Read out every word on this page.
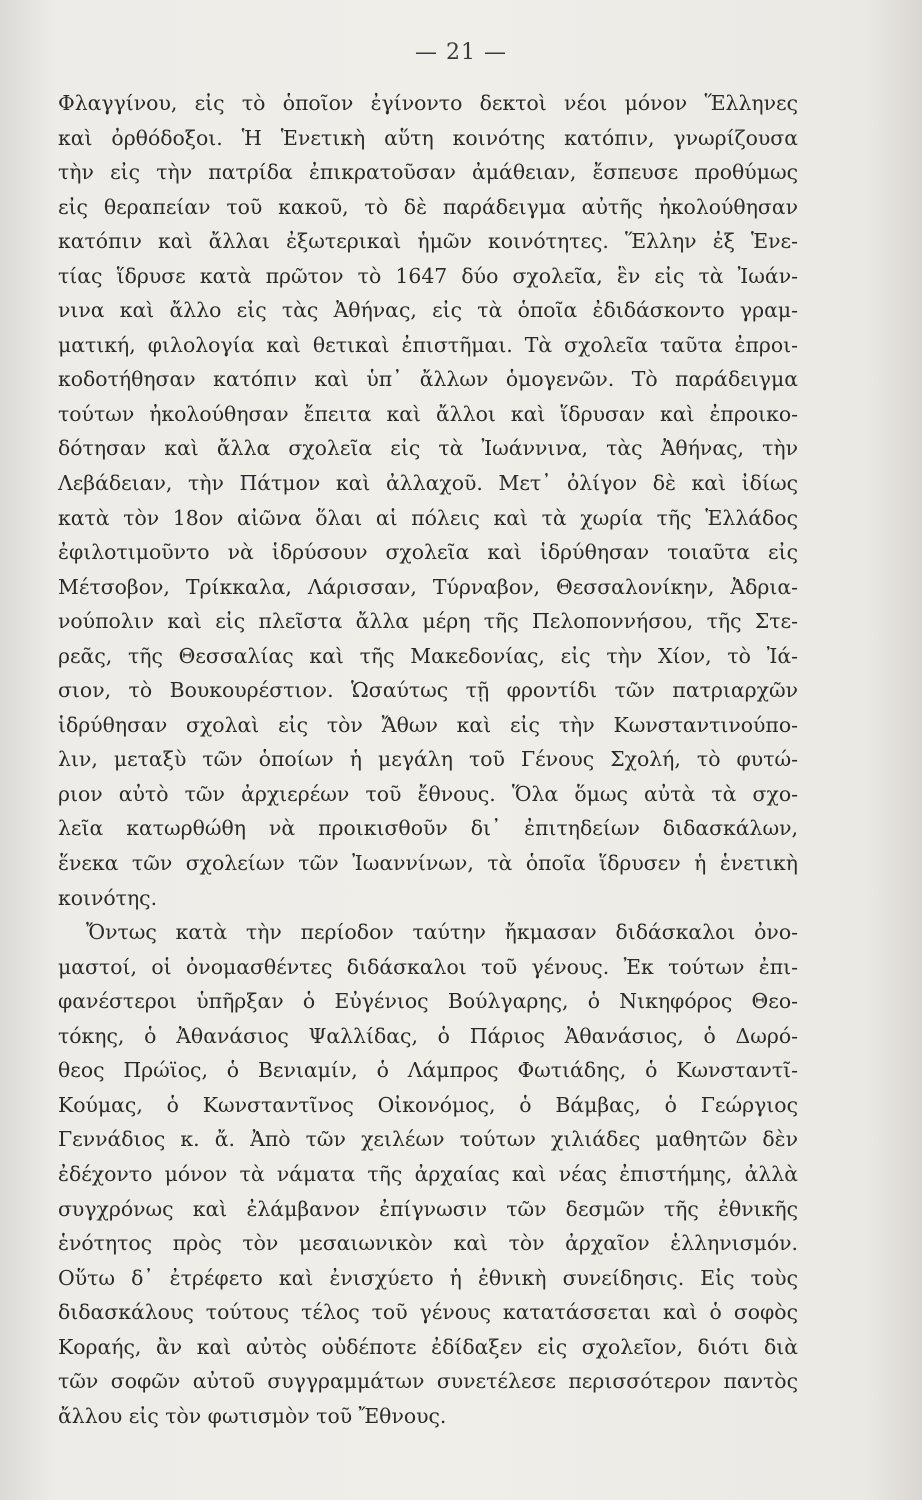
— 21 —
Φλαγγίνου, εἰς τὸ ὁποῖον ἐγίνοντο δεκτοὶ νέοι μόνον Ἕλληνες
καὶ ὀρθόδοξοι. Ἡ Ἑνετικὴ αὕτη κοινότης κατόπιν, γνωρίζουσα
τὴν εἰς τὴν πατρίδα ἐπικρατοῦσαν ἀμάθειαν, ἔσπευσε προθύμως
εἰς θεραπείαν τοῦ κακοῦ, τὸ δὲ παράδειγμα αὐτῆς ἠκολούθησαν
κατόπιν καὶ ἄλλαι ἐξωτερικαὶ ἡμῶν κοινότητες. Ἕλλην ἐξ Ἑνε-
τίας ἵδρυσε κατὰ πρῶτον τὸ 1647 δύο σχολεῖα, ἓν εἰς τὰ Ἰωάν-
νινα καὶ ἄλλο εἰς τὰς Ἀθήνας, εἰς τὰ ὁποῖα ἐδιδάσκοντο γραμ-
ματική, φιλολογία καὶ θετικαὶ ἐπιστῆμαι. Τὰ σχολεῖα ταῦτα ἐπροι-
κοδοτήθησαν κατόπιν καὶ ὑπ᾽ ἄλλων ὁμογενῶν. Τὸ παράδειγμα
τούτων ἠκολούθησαν ἔπειτα καὶ ἄλλοι καὶ ἵδρυσαν καὶ ἐπροικο-
δότησαν καὶ ἄλλα σχολεῖα εἰς τὰ Ἰωάννινα, τὰς Ἀθήνας, τὴν
Λεβάδειαν, τὴν Πάτμον καὶ ἀλλαχοῦ. Μετ᾽ ὀλίγον δὲ καὶ ἰδίως
κατὰ τὸν 18ον αἰῶνα ὅλαι αἱ πόλεις καὶ τὰ χωρία τῆς Ἑλλάδος
ἐφιλοτιμοῦντο νὰ ἱδρύσουν σχολεῖα καὶ ἱδρύθησαν τοιαῦτα εἰς
Μέτσοβον, Τρίκκαλα, Λάρισσαν, Τύρναβον, Θεσσαλονίκην, Ἀδρια-
νούπολιν καὶ εἰς πλεῖστα ἄλλα μέρη τῆς Πελοποννήσου, τῆς Στε-
ρεᾶς, τῆς Θεσσαλίας καὶ τῆς Μακεδονίας, εἰς τὴν Χίον, τὸ Ἰά-
σιον, τὸ Βουκουρέστιον. Ὡσαύτως τῇ φροντίδι τῶν πατριαρχῶν
ἱδρύθησαν σχολαὶ εἰς τὸν Ἄθων καὶ εἰς τὴν Κωνσταντινούπο-
λιν, μεταξὺ τῶν ὁποίων ἡ μεγάλη τοῦ Γένους Σχολή, τὸ φυτώ-
ριον αὐτὸ τῶν ἀρχιερέων τοῦ ἔθνους. Ὅλα ὅμως αὐτὰ τὰ σχο-
λεῖα κατωρθώθη νὰ προικισθοῦν δι᾽ ἐπιτηδείων διδασκάλων,
ἕνεκα τῶν σχολείων τῶν Ἰωαννίνων, τὰ ὁποῖα ἵδρυσεν ἡ ἑνετικὴ
κοινότης.
Ὄντως κατὰ τὴν περίοδον ταύτην ἤκμασαν διδάσκαλοι ὀνο-
μαστοί, οἱ ὀνομασθέντες διδάσκαλοι τοῦ γένους. Ἐκ τούτων ἐπι-
φανέστεροι ὑπῆρξαν ὁ Εὐγένιος Βούλγαρης, ὁ Νικηφόρος Θεο-
τόκης, ὁ Ἀθανάσιος Ψαλλίδας, ὁ Πάριος Ἀθανάσιος, ὁ Δωρό-
θεος Πρώϊος, ὁ Βενιαμίν, ὁ Λάμπρος Φωτιάδης, ὁ Κωνσταντῖ-
Κούμας, ὁ Κωνσταντῖνος Οἰκονόμος, ὁ Βάμβας, ὁ Γεώργιος
Γεννάδιος κ. ἄ. Ἀπὸ τῶν χειλέων τούτων χιλιάδες μαθητῶν δὲν
ἐδέχοντο μόνον τὰ νάματα τῆς ἀρχαίας καὶ νέας ἐπιστήμης, ἀλλὰ
συγχρόνως καὶ ἐλάμβανον ἐπίγνωσιν τῶν δεσμῶν τῆς ἐθνικῆς
ἑνότητος πρὸς τὸν μεσαιωνικὸν καὶ τὸν ἀρχαῖον ἑλληνισμόν.
Οὕτω δ᾽ ἐτρέφετο καὶ ἐνισχύετο ἡ ἐθνικὴ συνείδησις. Εἰς τοὺς
διδασκάλους τούτους τέλος τοῦ γένους κατατάσσεται καὶ ὁ σοφὸς
Κοραής, ἂν καὶ αὐτὸς οὐδέποτε ἐδίδαξεν εἰς σχολεῖον, διότι διὰ
τῶν σοφῶν αὐτοῦ συγγραμμάτων συνετέλεσε περισσότερον παντὸς
ἄλλου εἰς τὸν φωτισμὸν τοῦ Ἔθνους.
